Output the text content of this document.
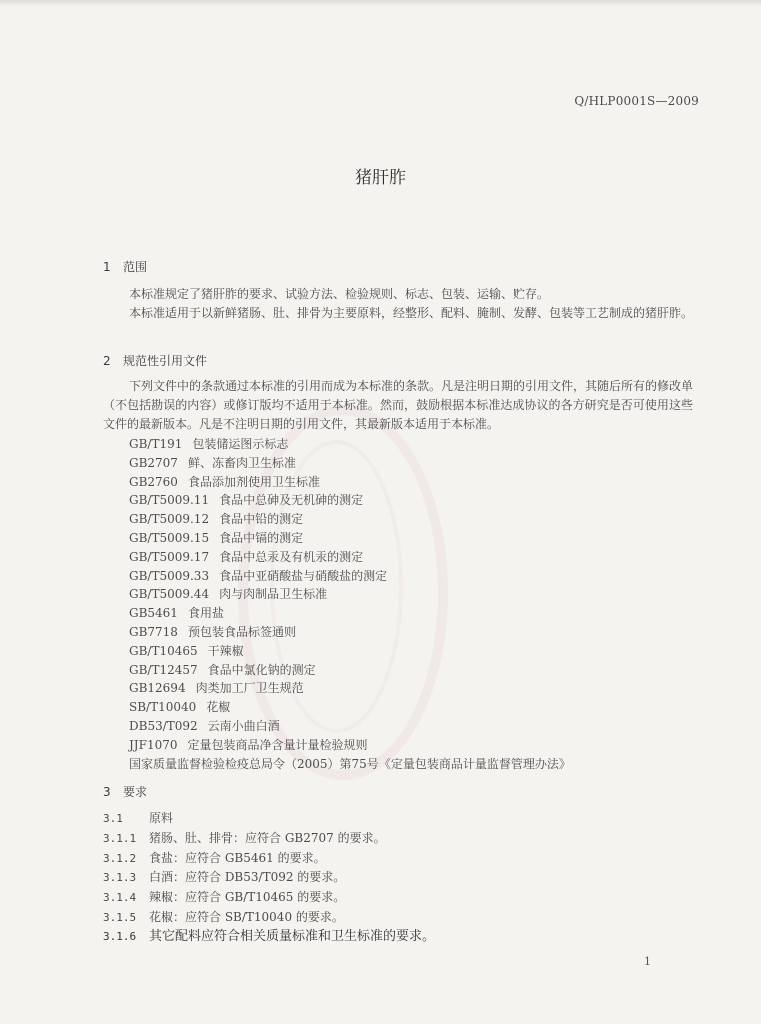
Q/HLP0001S—2009
猪肝胙
1 范围
本标准规定了猪肝胙的要求、试验方法、检验规则、标志、包装、运输、贮存。
本标准适用于以新鲜猪肠、肚、排骨为主要原料，经整形、配料、腌制、发酵、包装等工艺制成的猪肝胙。
2 规范性引用文件
下列文件中的条款通过本标准的引用而成为本标准的条款。凡是注明日期的引用文件，其随后所有的修改单（不包括勘误的内容）或修订版均不适用于本标准。然而，鼓励根据本标准达成协议的各方研究是否可使用这些文件的最新版本。凡是不注明日期的引用文件，其最新版本适用于本标准。
GB/T191 包装储运图示标志
GB2707 鲜、冻畜肉卫生标准
GB2760 食品添加剂使用卫生标准
GB/T5009.11 食品中总砷及无机砷的测定
GB/T5009.12 食品中铅的测定
GB/T5009.15 食品中镉的测定
GB/T5009.17 食品中总汞及有机汞的测定
GB/T5009.33 食品中亚硝酸盐与硝酸盐的测定
GB/T5009.44 肉与肉制品卫生标准
GB5461 食用盐
GB7718 预包装食品标签通则
GB/T10465 干辣椒
GB/T12457 食品中氯化钠的测定
GB12694 肉类加工厂卫生规范
SB/T10040 花椒
DB53/T092 云南小曲白酒
JJF1070 定量包装商品净含量计量检验规则
国家质量监督检验检疫总局令（2005）第75号《定量包装商品计量监督管理办法》
3 要求
3.1 原料
3.1.1 猪肠、肚、排骨：应符合 GB2707 的要求。
3.1.2 食盐：应符合 GB5461 的要求。
3.1.3 白酒：应符合 DB53/T092 的要求。
3.1.4 辣椒：应符合 GB/T10465 的要求。
3.1.5 花椒：应符合 SB/T10040 的要求。
3.1.6 其它配料应符合相关质量标准和卫生标准的要求。
1
